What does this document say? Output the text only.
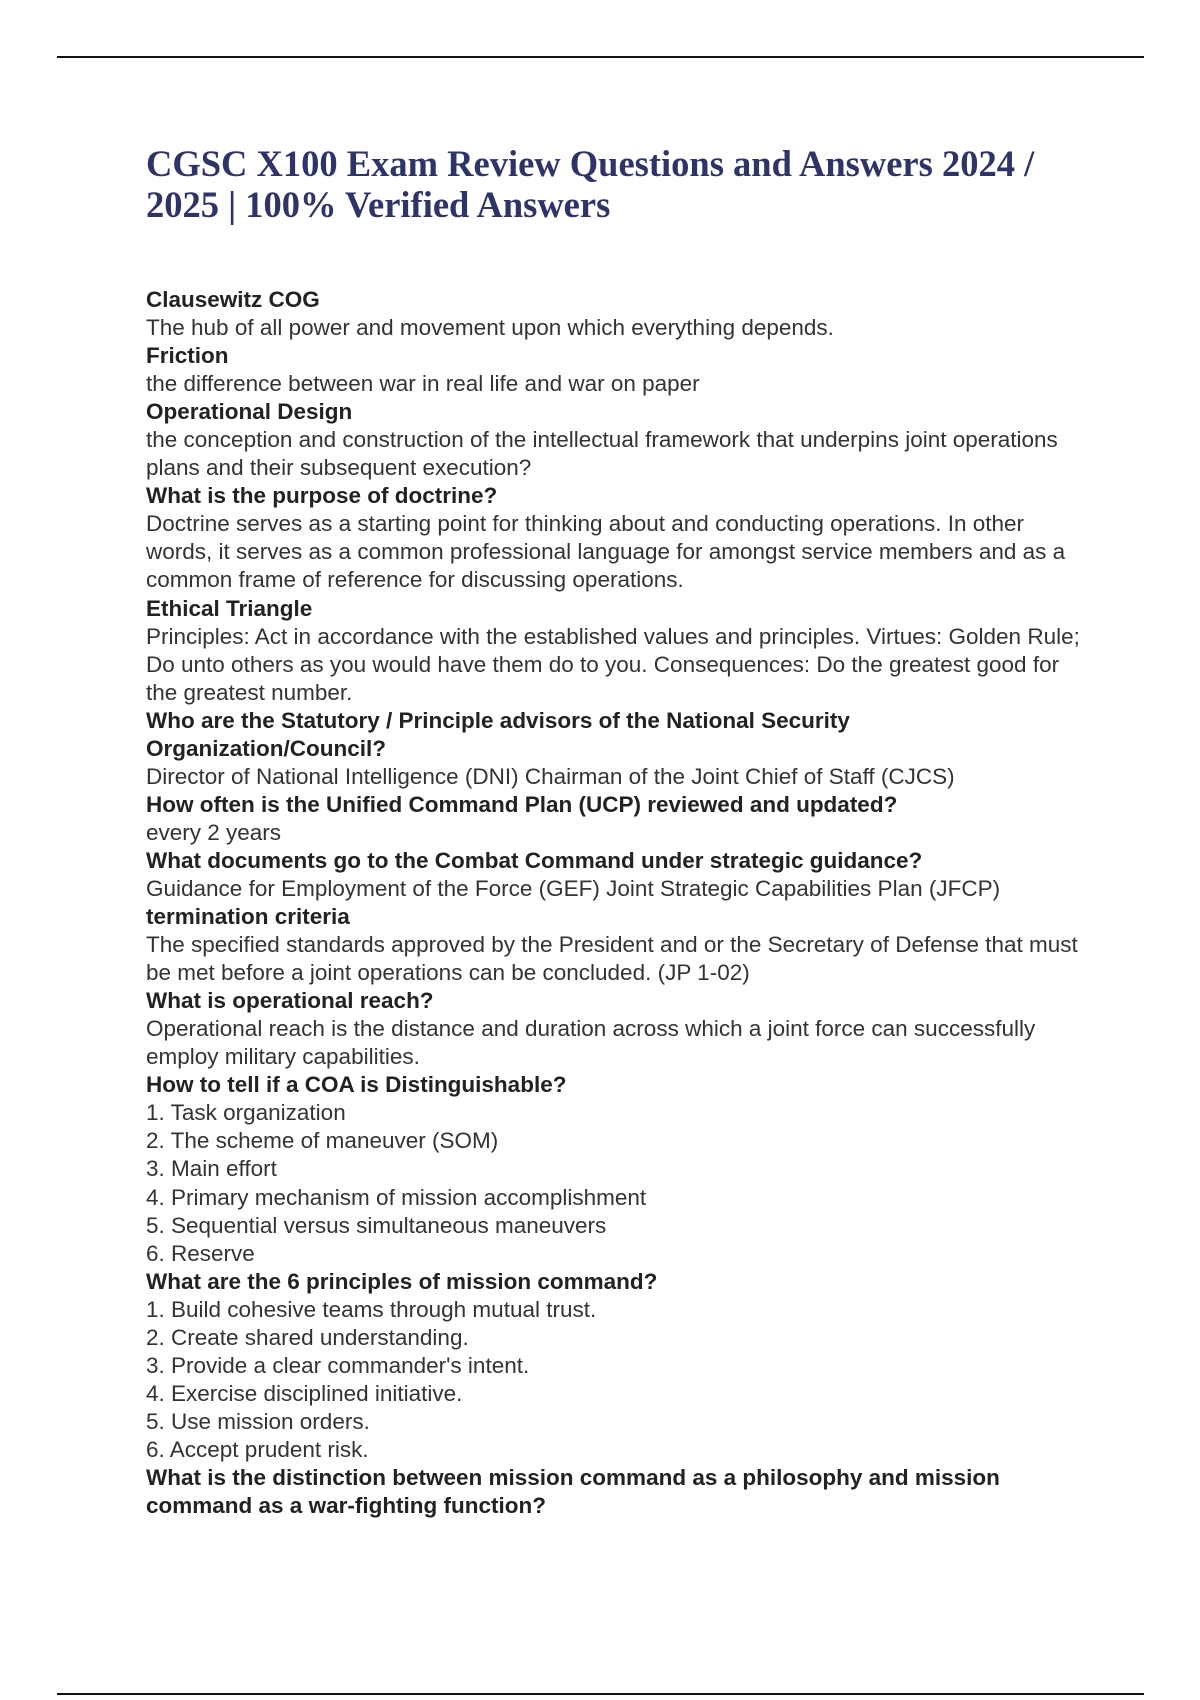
CGSC X100 Exam Review Questions and Answers 2024 / 2025 | 100% Verified Answers

Clausewitz COG

The hub of all power and movement upon which everything depends.

Friction

the difference between war in real life and war on paper

Operational Design

the conception and construction of the intellectual framework that underpins joint operations plans and their subsequent execution?

What is the purpose of doctrine?

Doctrine serves as a starting point for thinking about and conducting operations. In other words, it serves as a common professional language for amongst service members and as a common frame of reference for discussing operations.

Ethical Triangle

Principles: Act in accordance with the established values and principles. Virtues: Golden Rule; Do unto others as you would have them do to you. Consequences: Do the greatest good for the greatest number.

Who are the Statutory / Principle advisors of the National Security Organization/Council?

Director of National Intelligence (DNI) Chairman of the Joint Chief of Staff (CJCS)

How often is the Unified Command Plan (UCP) reviewed and updated?

every 2 years

What documents go to the Combat Command under strategic guidance?

Guidance for Employment of the Force (GEF) Joint Strategic Capabilities Plan (JFCP)

termination criteria

The specified standards approved by the President and or the Secretary of Defense that must be met before a joint operations can be concluded. (JP 1-02)

What is operational reach?

Operational reach is the distance and duration across which a joint force can successfully employ military capabilities.

How to tell if a COA is Distinguishable?

1. Task organization

2. The scheme of maneuver (SOM)

3. Main effort

4. Primary mechanism of mission accomplishment

5. Sequential versus simultaneous maneuvers

6. Reserve

What are the 6 principles of mission command?

1. Build cohesive teams through mutual trust.

2. Create shared understanding.

3. Provide a clear commander's intent.

4. Exercise disciplined initiative.

5. Use mission orders.

6. Accept prudent risk.

What is the distinction between mission command as a philosophy and mission command as a war-fighting function?
